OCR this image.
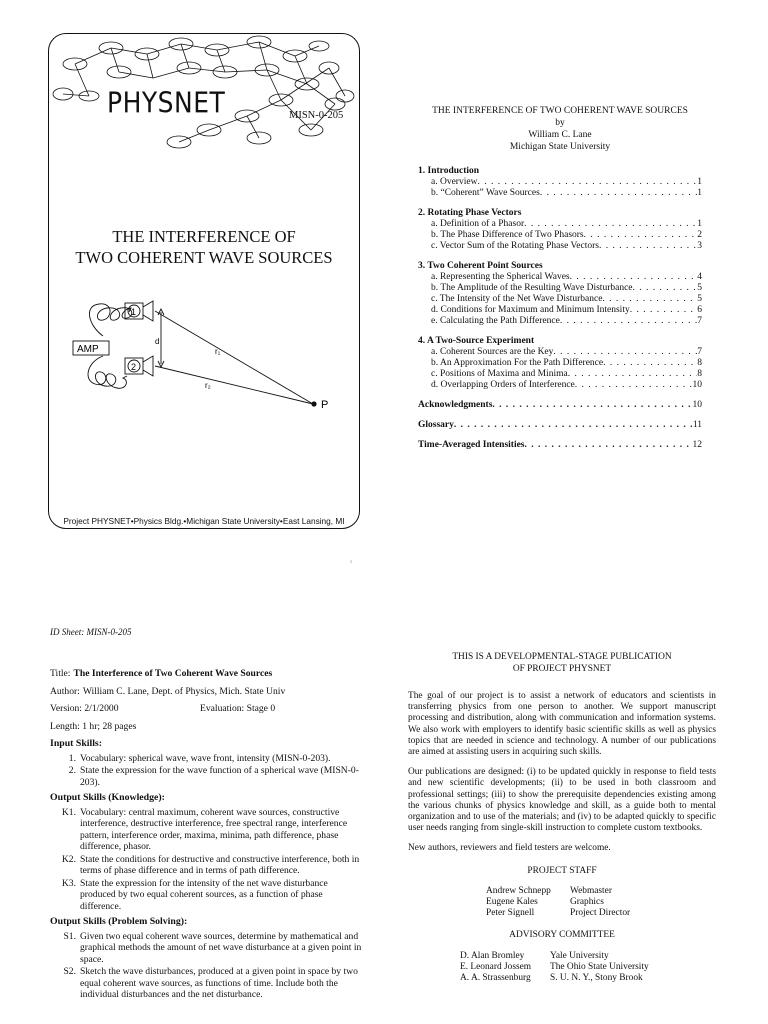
PHYSNET	MISN-0-205
THE INTERFERENCE OF
TWO COHERENT WAVE SOURCES
AMP
1
2
d
r₁
r₂
P
Project PHYSNET•Physics Bldg.•Michigan State University•East Lansing, MI
1
THE INTERFERENCE OF TWO COHERENT WAVE SOURCES
by
William C. Lane
Michigan State University
1. Introduction
a. Overview . . .	1
b. “Coherent” Wave Sources . . .	1
2. Rotating Phase Vectors
a. Definition of a Phasor . . .	1
b. The Phase Difference of Two Phasors . . .	2
c. Vector Sum of the Rotating Phase Vectors . . .	3
3. Two Coherent Point Sources
a. Representing the Spherical Waves . . .	4
b. The Amplitude of the Resulting Wave Disturbance . . .	5
c. The Intensity of the Net Wave Disturbance . . .	5
d. Conditions for Maximum and Minimum Intensity . . .	6
e. Calculating the Path Difference . . .	7
4. A Two-Source Experiment
a. Coherent Sources are the Key . . .	7
b. An Approximation For the Path Difference . . .	8
c. Positions of Maxima and Minima . . .	8
d. Overlapping Orders of Interference . . .	10
Acknowledgments . . .	10
Glossary . . .	11
Time-Averaged Intensities . . .	12
ID Sheet: MISN-0-205
Title: The Interference of Two Coherent Wave Sources
Author: William C. Lane, Dept. of Physics, Mich. State Univ
Version: 2/1/2000	Evaluation: Stage 0
Length: 1 hr; 28 pages
Input Skills:
1. Vocabulary: spherical wave, wave front, intensity (MISN-0-203).
2. State the expression for the wave function of a spherical wave (MISN-0-203).
Output Skills (Knowledge):
K1. Vocabulary: central maximum, coherent wave sources, constructive interference, destructive interference, free spectral range, interference pattern, interference order, maxima, minima, path difference, phase difference, phasor.
K2. State the conditions for destructive and constructive interference, both in terms of phase difference and in terms of path difference.
K3. State the expression for the intensity of the net wave disturbance produced by two equal coherent sources, as a function of phase difference.
Output Skills (Problem Solving):
S1. Given two equal coherent wave sources, determine by mathematical and graphical methods the amount of net wave disturbance at a given point in space.
S2. Sketch the wave disturbances, produced at a given point in space by two equal coherent wave sources, as functions of time. Include both the individual disturbances and the net disturbance.
THIS IS A DEVELOPMENTAL-STAGE PUBLICATION
OF PROJECT PHYSNET
The goal of our project is to assist a network of educators and scientists in transferring physics from one person to another. We support manuscript processing and distribution, along with communication and information systems. We also work with employers to identify basic scientific skills as well as physics topics that are needed in science and technology. A number of our publications are aimed at assisting users in acquiring such skills.
Our publications are designed: (i) to be updated quickly in response to field tests and new scientific developments; (ii) to be used in both classroom and professional settings; (iii) to show the prerequisite dependencies existing among the various chunks of physics knowledge and skill, as a guide both to mental organization and to use of the materials; and (iv) to be adapted quickly to specific user needs ranging from single-skill instruction to complete custom textbooks.
New authors, reviewers and field testers are welcome.
PROJECT STAFF
Andrew Schnepp	Webmaster
Eugene Kales	Graphics
Peter Signell	Project Director
ADVISORY COMMITTEE
D. Alan Bromley	Yale University
E. Leonard Jossem	The Ohio State University
A. A. Strassenburg	S. U. N. Y., Stony Brook
